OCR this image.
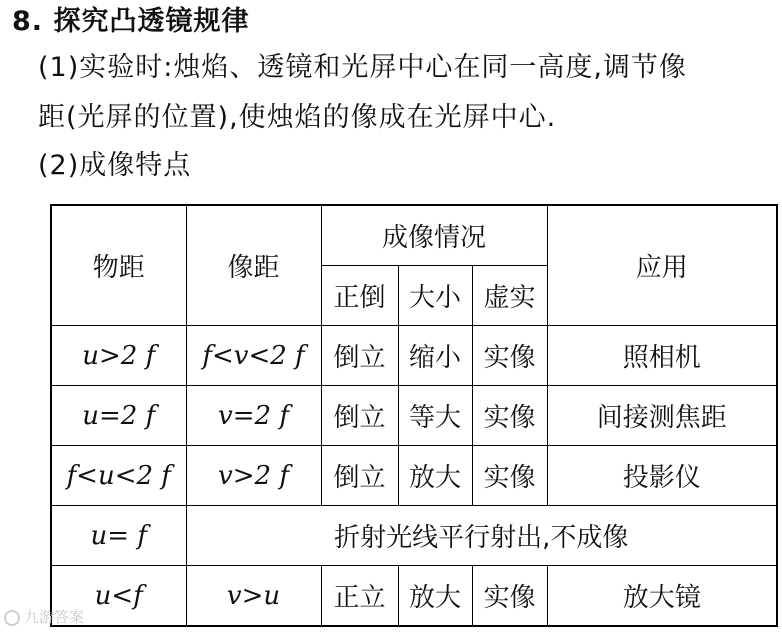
8. 探究凸透镜规律
(1)实验时:烛焰、透镜和光屏中心在同一高度,调节像
距(光屏的位置),使烛焰的像成在光屏中心.
(2)成像特点
物距	像距	成像情况			应用
		正倒	大小	虚实	
u>2 f	f<v<2 f	倒立	缩小	实像	照相机
u=2 f	v=2 f	倒立	等大	实像	间接测焦距
f<u<2 f	v>2 f	倒立	放大	实像	投影仪
u= f	折射光线平行射出,不成像				
u<f	v>u	正立	放大	实像	放大镜
九游答案
